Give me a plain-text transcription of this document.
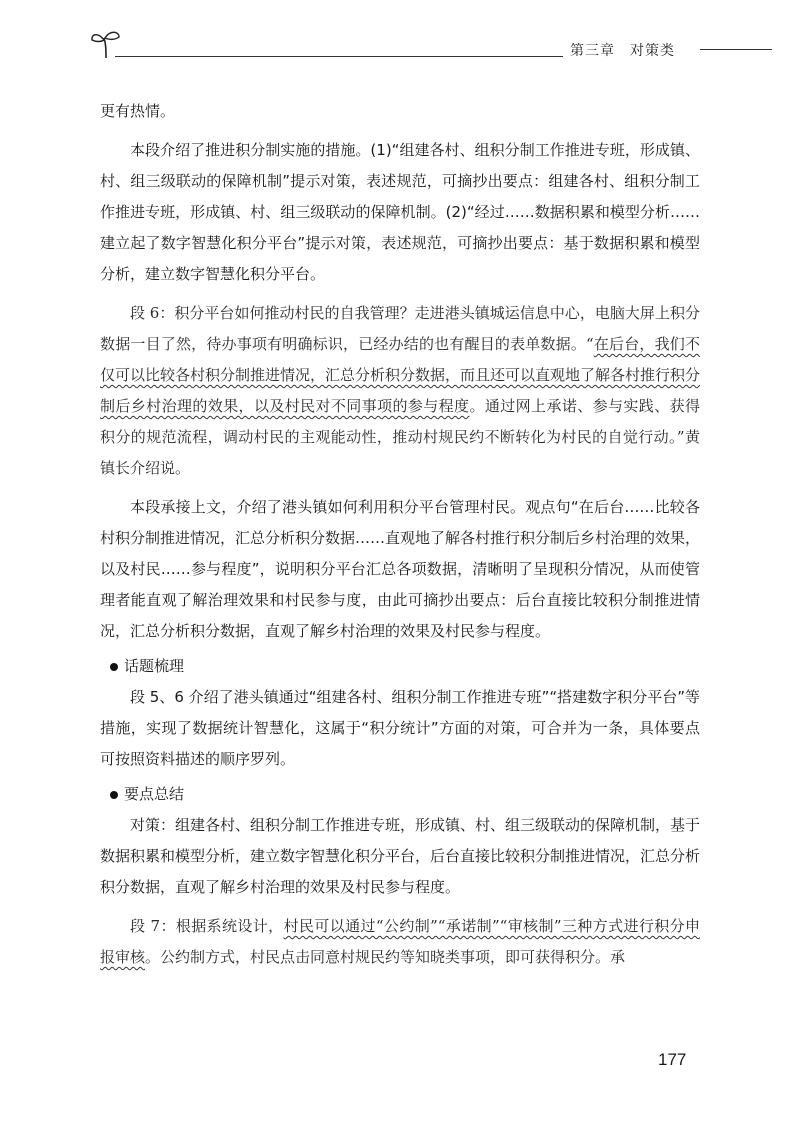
第三章　对策类

更有热情。

本段介绍了推进积分制实施的措施。(1)“组建各村、组积分制工作推进专班，形成镇、村、组三级联动的保障机制”提示对策，表述规范，可摘抄出要点：组建各村、组积分制工作推进专班，形成镇、村、组三级联动的保障机制。(2)“经过……数据积累和模型分析……建立起了数字智慧化积分平台”提示对策，表述规范，可摘抄出要点：基于数据积累和模型分析，建立数字智慧化积分平台。

段 6：积分平台如何推动村民的自我管理？走进港头镇城运信息中心，电脑大屏上积分数据一目了然，待办事项有明确标识，已经办结的也有醒目的表单数据。“在后台，我们不仅可以比较各村积分制推进情况，汇总分析积分数据，而且还可以直观地了解各村推行积分制后乡村治理的效果，以及村民对不同事项的参与程度。通过网上承诺、参与实践、获得积分的规范流程，调动村民的主观能动性，推动村规民约不断转化为村民的自觉行动。”黄镇长介绍说。

本段承接上文，介绍了港头镇如何利用积分平台管理村民。观点句“在后台……比较各村积分制推进情况，汇总分析积分数据……直观地了解各村推行积分制后乡村治理的效果，以及村民……参与程度”，说明积分平台汇总各项数据，清晰明了呈现积分情况，从而使管理者能直观了解治理效果和村民参与度，由此可摘抄出要点：后台直接比较积分制推进情况，汇总分析积分数据，直观了解乡村治理的效果及村民参与程度。

话题梳理

段 5、6 介绍了港头镇通过“组建各村、组积分制工作推进专班”“搭建数字积分平台”等措施，实现了数据统计智慧化，这属于“积分统计”方面的对策，可合并为一条，具体要点可按照资料描述的顺序罗列。

要点总结

对策：组建各村、组积分制工作推进专班，形成镇、村、组三级联动的保障机制，基于数据积累和模型分析，建立数字智慧化积分平台，后台直接比较积分制推进情况，汇总分析积分数据，直观了解乡村治理的效果及村民参与程度。

段 7：根据系统设计，村民可以通过“公约制”“承诺制”“审核制”三种方式进行积分申报审核。公约制方式，村民点击同意村规民约等知晓类事项，即可获得积分。承

177
